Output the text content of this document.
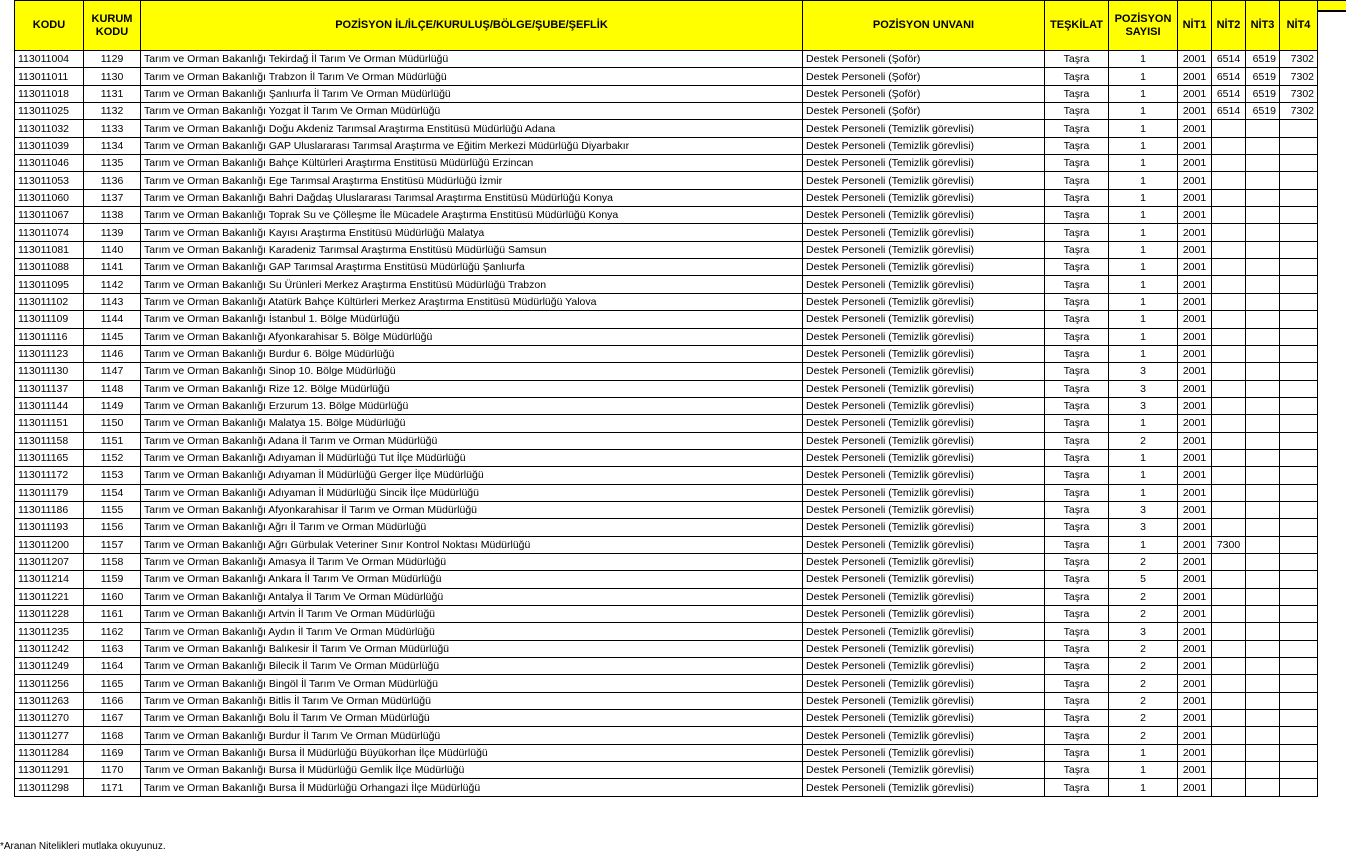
KODU	KURUM KODU	POZİSYON İL/İLÇE/KURULUŞ/BÖLGE/ŞUBE/ŞEFLİK	POZİSYON UNVANI	TEŞKİLAT	POZİSYON SAYISI	NİT1	NİT2	NİT3	NİT4
113011004	1129	Tarım ve Orman Bakanlığı Tekirdağ İl Tarım Ve Orman Müdürlüğü	Destek Personeli (Şoför)	Taşra	1	2001	6514	6519	7302
113011011	1130	Tarım ve Orman Bakanlığı Trabzon İl Tarım Ve Orman Müdürlüğü	Destek Personeli (Şoför)	Taşra	1	2001	6514	6519	7302
113011018	1131	Tarım ve Orman Bakanlığı Şanlıurfa İl Tarım Ve Orman Müdürlüğü	Destek Personeli (Şoför)	Taşra	1	2001	6514	6519	7302
113011025	1132	Tarım ve Orman Bakanlığı Yozgat İl Tarım Ve Orman Müdürlüğü	Destek Personeli (Şoför)	Taşra	1	2001	6514	6519	7302
113011032	1133	Tarım ve Orman Bakanlığı Doğu Akdeniz Tarımsal Araştırma Enstitüsü Müdürlüğü Adana	Destek Personeli (Temizlik görevlisi)	Taşra	1	2001			
113011039	1134	Tarım ve Orman Bakanlığı GAP Uluslararası Tarımsal Araştırma ve Eğitim Merkezi Müdürlüğü Diyarbakır	Destek Personeli (Temizlik görevlisi)	Taşra	1	2001			
113011046	1135	Tarım ve Orman Bakanlığı Bahçe Kültürleri Araştırma Enstitüsü Müdürlüğü Erzincan	Destek Personeli (Temizlik görevlisi)	Taşra	1	2001			
113011053	1136	Tarım ve Orman Bakanlığı Ege Tarımsal Araştırma Enstitüsü Müdürlüğü İzmir	Destek Personeli (Temizlik görevlisi)	Taşra	1	2001			
113011060	1137	Tarım ve Orman Bakanlığı Bahri Dağdaş Uluslararası Tarımsal Araştırma Enstitüsü Müdürlüğü Konya	Destek Personeli (Temizlik görevlisi)	Taşra	1	2001			
113011067	1138	Tarım ve Orman Bakanlığı Toprak Su ve Çölleşme İle Mücadele Araştırma Enstitüsü Müdürlüğü Konya	Destek Personeli (Temizlik görevlisi)	Taşra	1	2001			
113011074	1139	Tarım ve Orman Bakanlığı Kayısı Araştırma Enstitüsü Müdürlüğü Malatya	Destek Personeli (Temizlik görevlisi)	Taşra	1	2001			
113011081	1140	Tarım ve Orman Bakanlığı Karadeniz Tarımsal Araştırma Enstitüsü Müdürlüğü Samsun	Destek Personeli (Temizlik görevlisi)	Taşra	1	2001			
113011088	1141	Tarım ve Orman Bakanlığı GAP Tarımsal Araştırma Enstitüsü Müdürlüğü Şanlıurfa	Destek Personeli (Temizlik görevlisi)	Taşra	1	2001			
113011095	1142	Tarım ve Orman Bakanlığı Su Ürünleri Merkez Araştırma Enstitüsü Müdürlüğü Trabzon	Destek Personeli (Temizlik görevlisi)	Taşra	1	2001			
113011102	1143	Tarım ve Orman Bakanlığı Atatürk Bahçe Kültürleri Merkez Araştırma Enstitüsü Müdürlüğü Yalova	Destek Personeli (Temizlik görevlisi)	Taşra	1	2001			
113011109	1144	Tarım ve Orman Bakanlığı İstanbul 1. Bölge Müdürlüğü	Destek Personeli (Temizlik görevlisi)	Taşra	1	2001			
113011116	1145	Tarım ve Orman Bakanlığı Afyonkarahisar 5. Bölge Müdürlüğü	Destek Personeli (Temizlik görevlisi)	Taşra	1	2001			
113011123	1146	Tarım ve Orman Bakanlığı Burdur 6. Bölge Müdürlüğü	Destek Personeli (Temizlik görevlisi)	Taşra	1	2001			
113011130	1147	Tarım ve Orman Bakanlığı Sinop 10. Bölge Müdürlüğü	Destek Personeli (Temizlik görevlisi)	Taşra	3	2001			
113011137	1148	Tarım ve Orman Bakanlığı Rize 12. Bölge Müdürlüğü	Destek Personeli (Temizlik görevlisi)	Taşra	3	2001			
113011144	1149	Tarım ve Orman Bakanlığı Erzurum 13. Bölge Müdürlüğü	Destek Personeli (Temizlik görevlisi)	Taşra	3	2001			
113011151	1150	Tarım ve Orman Bakanlığı Malatya 15. Bölge Müdürlüğü	Destek Personeli (Temizlik görevlisi)	Taşra	1	2001			
113011158	1151	Tarım ve Orman Bakanlığı Adana İl Tarım ve Orman Müdürlüğü	Destek Personeli (Temizlik görevlisi)	Taşra	2	2001			
113011165	1152	Tarım ve Orman Bakanlığı Adıyaman İl Müdürlüğü Tut İlçe Müdürlüğü	Destek Personeli (Temizlik görevlisi)	Taşra	1	2001			
113011172	1153	Tarım ve Orman Bakanlığı Adıyaman İl Müdürlüğü Gerger İlçe Müdürlüğü	Destek Personeli (Temizlik görevlisi)	Taşra	1	2001			
113011179	1154	Tarım ve Orman Bakanlığı Adıyaman İl Müdürlüğü Sincik İlçe Müdürlüğü	Destek Personeli (Temizlik görevlisi)	Taşra	1	2001			
113011186	1155	Tarım ve Orman Bakanlığı Afyonkarahisar İl Tarım ve Orman Müdürlüğü	Destek Personeli (Temizlik görevlisi)	Taşra	3	2001			
113011193	1156	Tarım ve Orman Bakanlığı Ağrı İl Tarım ve Orman Müdürlüğü	Destek Personeli (Temizlik görevlisi)	Taşra	3	2001			
113011200	1157	Tarım ve Orman Bakanlığı Ağrı Gürbulak Veteriner Sınır Kontrol Noktası Müdürlüğü	Destek Personeli (Temizlik görevlisi)	Taşra	1	2001	7300		
113011207	1158	Tarım ve Orman Bakanlığı Amasya İl Tarım Ve Orman Müdürlüğü	Destek Personeli (Temizlik görevlisi)	Taşra	2	2001			
113011214	1159	Tarım ve Orman Bakanlığı Ankara İl Tarım Ve Orman Müdürlüğü	Destek Personeli (Temizlik görevlisi)	Taşra	5	2001			
113011221	1160	Tarım ve Orman Bakanlığı Antalya İl Tarım Ve Orman Müdürlüğü	Destek Personeli (Temizlik görevlisi)	Taşra	2	2001			
113011228	1161	Tarım ve Orman Bakanlığı Artvin İl Tarım Ve Orman Müdürlüğü	Destek Personeli (Temizlik görevlisi)	Taşra	2	2001			
113011235	1162	Tarım ve Orman Bakanlığı Aydın İl Tarım Ve Orman Müdürlüğü	Destek Personeli (Temizlik görevlisi)	Taşra	3	2001			
113011242	1163	Tarım ve Orman Bakanlığı Balıkesir İl Tarım Ve Orman Müdürlüğü	Destek Personeli (Temizlik görevlisi)	Taşra	2	2001			
113011249	1164	Tarım ve Orman Bakanlığı Bilecik İl Tarım Ve Orman Müdürlüğü	Destek Personeli (Temizlik görevlisi)	Taşra	2	2001			
113011256	1165	Tarım ve Orman Bakanlığı Bingöl İl Tarım Ve Orman Müdürlüğü	Destek Personeli (Temizlik görevlisi)	Taşra	2	2001			
113011263	1166	Tarım ve Orman Bakanlığı Bitlis İl Tarım Ve Orman Müdürlüğü	Destek Personeli (Temizlik görevlisi)	Taşra	2	2001			
113011270	1167	Tarım ve Orman Bakanlığı Bolu İl Tarım Ve Orman Müdürlüğü	Destek Personeli (Temizlik görevlisi)	Taşra	2	2001			
113011277	1168	Tarım ve Orman Bakanlığı Burdur İl Tarım Ve Orman Müdürlüğü	Destek Personeli (Temizlik görevlisi)	Taşra	2	2001			
113011284	1169	Tarım ve Orman Bakanlığı Bursa İl Müdürlüğü Büyükorhan İlçe Müdürlüğü	Destek Personeli (Temizlik görevlisi)	Taşra	1	2001			
113011291	1170	Tarım ve Orman Bakanlığı Bursa İl Müdürlüğü Gemlik İlçe Müdürlüğü	Destek Personeli (Temizlik görevlisi)	Taşra	1	2001			
113011298	1171	Tarım ve Orman Bakanlığı Bursa İl Müdürlüğü Orhangazi İlçe Müdürlüğü	Destek Personeli (Temizlik görevlisi)	Taşra	1	2001			
*Aranan Nitelikleri mutlaka okuyunuz.
